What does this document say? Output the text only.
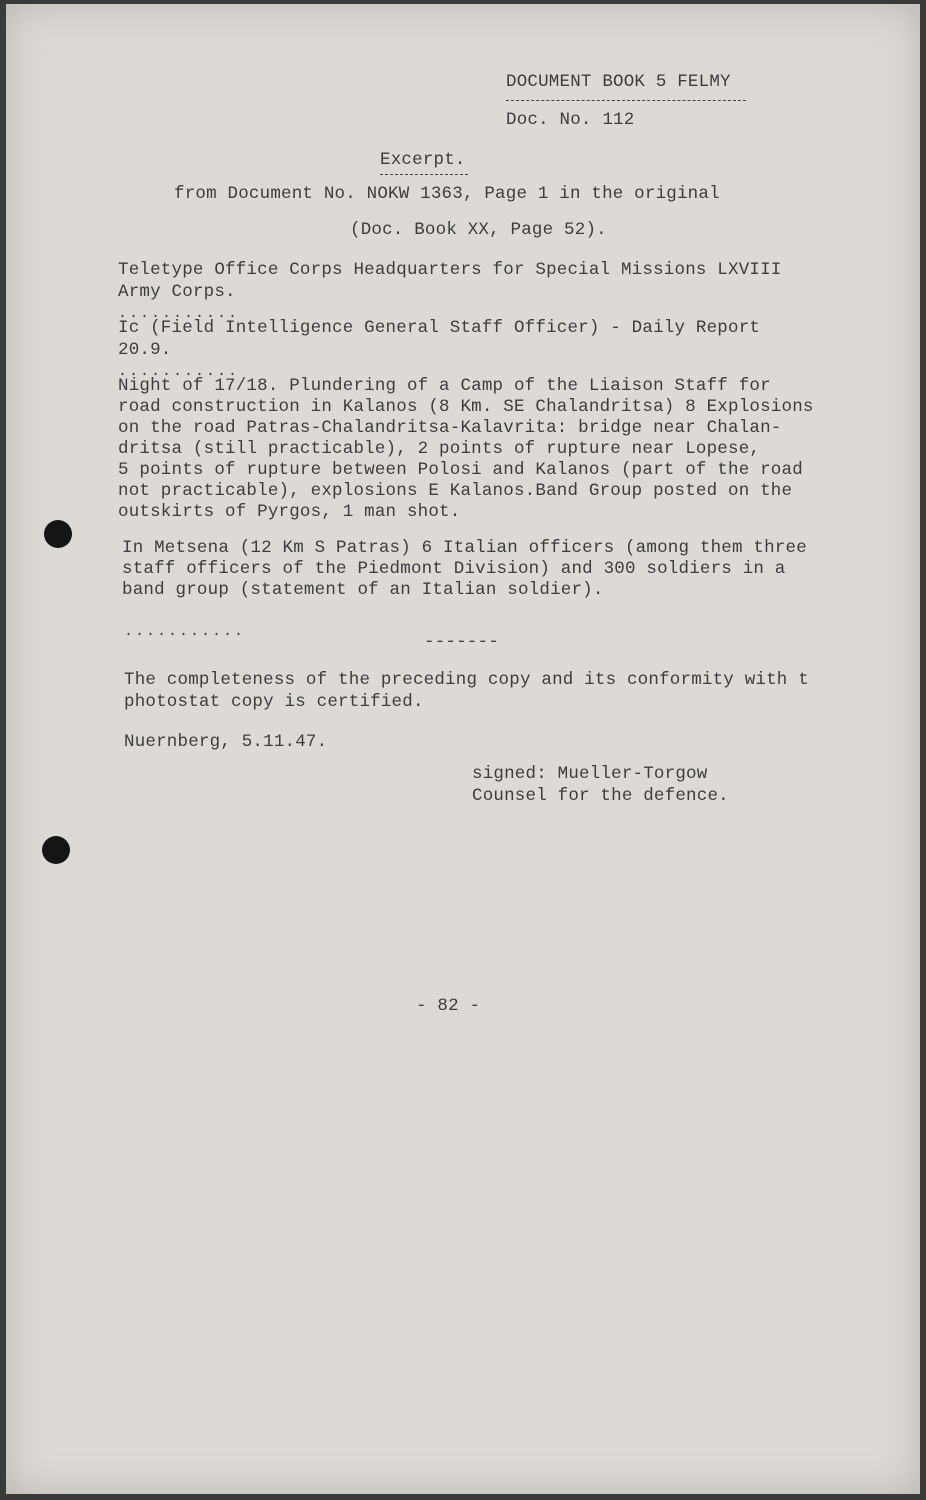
DOCUMENT BOOK 5 FELMY
Doc. No. 112
Excerpt.
from Document No. NOKW 1363, Page 1 in the original
(Doc. Book XX, Page 52).
Teletype Office Corps Headquarters for Special Missions LXVIII
Army Corps.
...........
Ic (Field Intelligence General Staff Officer) - Daily Report
20.9.
...........
Night of 17/18. Plundering of a Camp of the Liaison Staff for
road construction in Kalanos (8 Km. SE Chalandritsa) 8 Explosions
on the road Patras-Chalandritsa-Kalavrita: bridge near Chalan-
dritsa (still practicable), 2 points of rupture near Lopese,
5 points of rupture between Polosi and Kalanos (part of the road
not practicable), explosions E Kalanos.Band Group posted on the
outskirts of Pyrgos, 1 man shot.
In Metsena (12 Km S Patras) 6 Italian officers (among them three
staff officers of the Piedmont Division) and 300 soldiers in a
band group (statement of an Italian soldier).
...........
-------
The completeness of the preceding copy and its conformity with t
photostat copy is certified.
Nuernberg, 5.11.47.
signed: Mueller-Torgow
Counsel for the defence.
- 82 -
